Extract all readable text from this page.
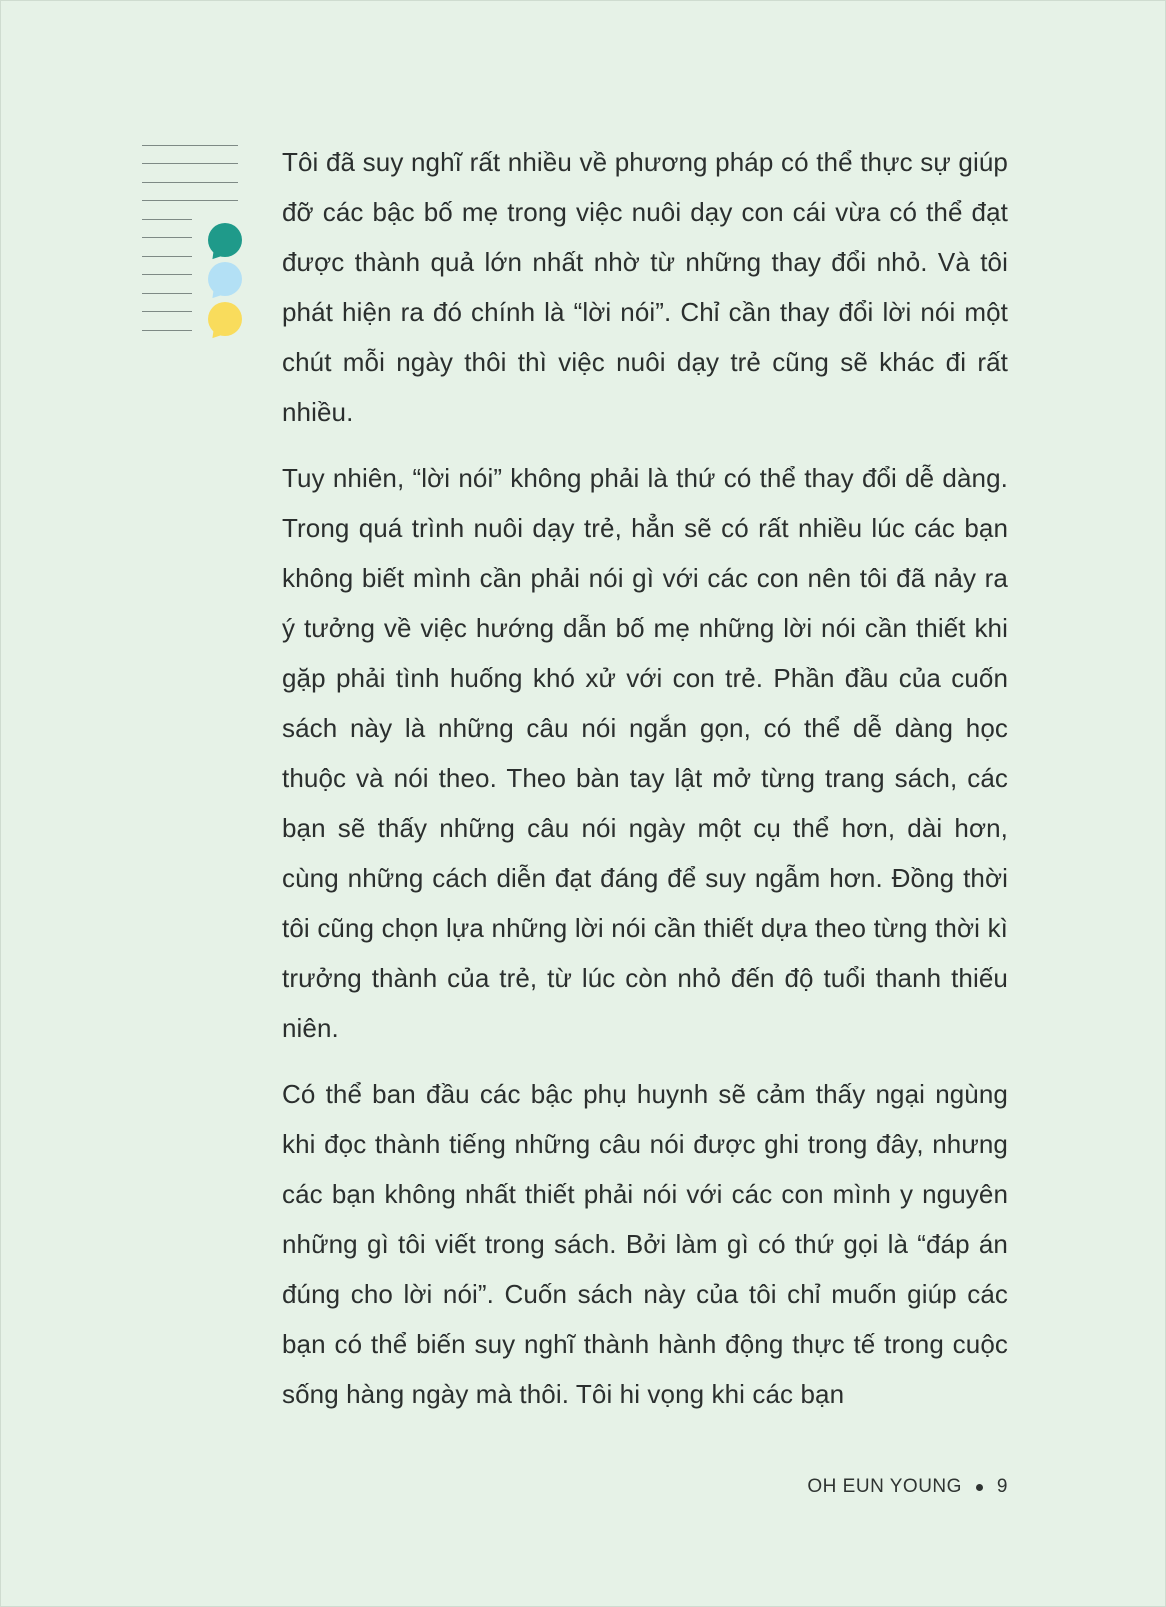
Tôi đã suy nghĩ rất nhiều về phương pháp có thể thực sự giúp đỡ các bậc bố mẹ trong việc nuôi dạy con cái vừa có thể đạt được thành quả lớn nhất nhờ từ những thay đổi nhỏ. Và tôi phát hiện ra đó chính là “lời nói”. Chỉ cần thay đổi lời nói một chút mỗi ngày thôi thì việc nuôi dạy trẻ cũng sẽ khác đi rất nhiều.

Tuy nhiên, “lời nói” không phải là thứ có thể thay đổi dễ dàng. Trong quá trình nuôi dạy trẻ, hẳn sẽ có rất nhiều lúc các bạn không biết mình cần phải nói gì với các con nên tôi đã nảy ra ý tưởng về việc hướng dẫn bố mẹ những lời nói cần thiết khi gặp phải tình huống khó xử với con trẻ. Phần đầu của cuốn sách này là những câu nói ngắn gọn, có thể dễ dàng học thuộc và nói theo. Theo bàn tay lật mở từng trang sách, các bạn sẽ thấy những câu nói ngày một cụ thể hơn, dài hơn, cùng những cách diễn đạt đáng để suy ngẫm hơn. Đồng thời tôi cũng chọn lựa những lời nói cần thiết dựa theo từng thời kì trưởng thành của trẻ, từ lúc còn nhỏ đến độ tuổi thanh thiếu niên.

Có thể ban đầu các bậc phụ huynh sẽ cảm thấy ngại ngùng khi đọc thành tiếng những câu nói được ghi trong đây, nhưng các bạn không nhất thiết phải nói với các con mình y nguyên những gì tôi viết trong sách. Bởi làm gì có thứ gọi là “đáp án đúng cho lời nói”. Cuốn sách này của tôi chỉ muốn giúp các bạn có thể biến suy nghĩ thành hành động thực tế trong cuộc sống hàng ngày mà thôi. Tôi hi vọng khi các bạn

OH EUN YOUNG 9
